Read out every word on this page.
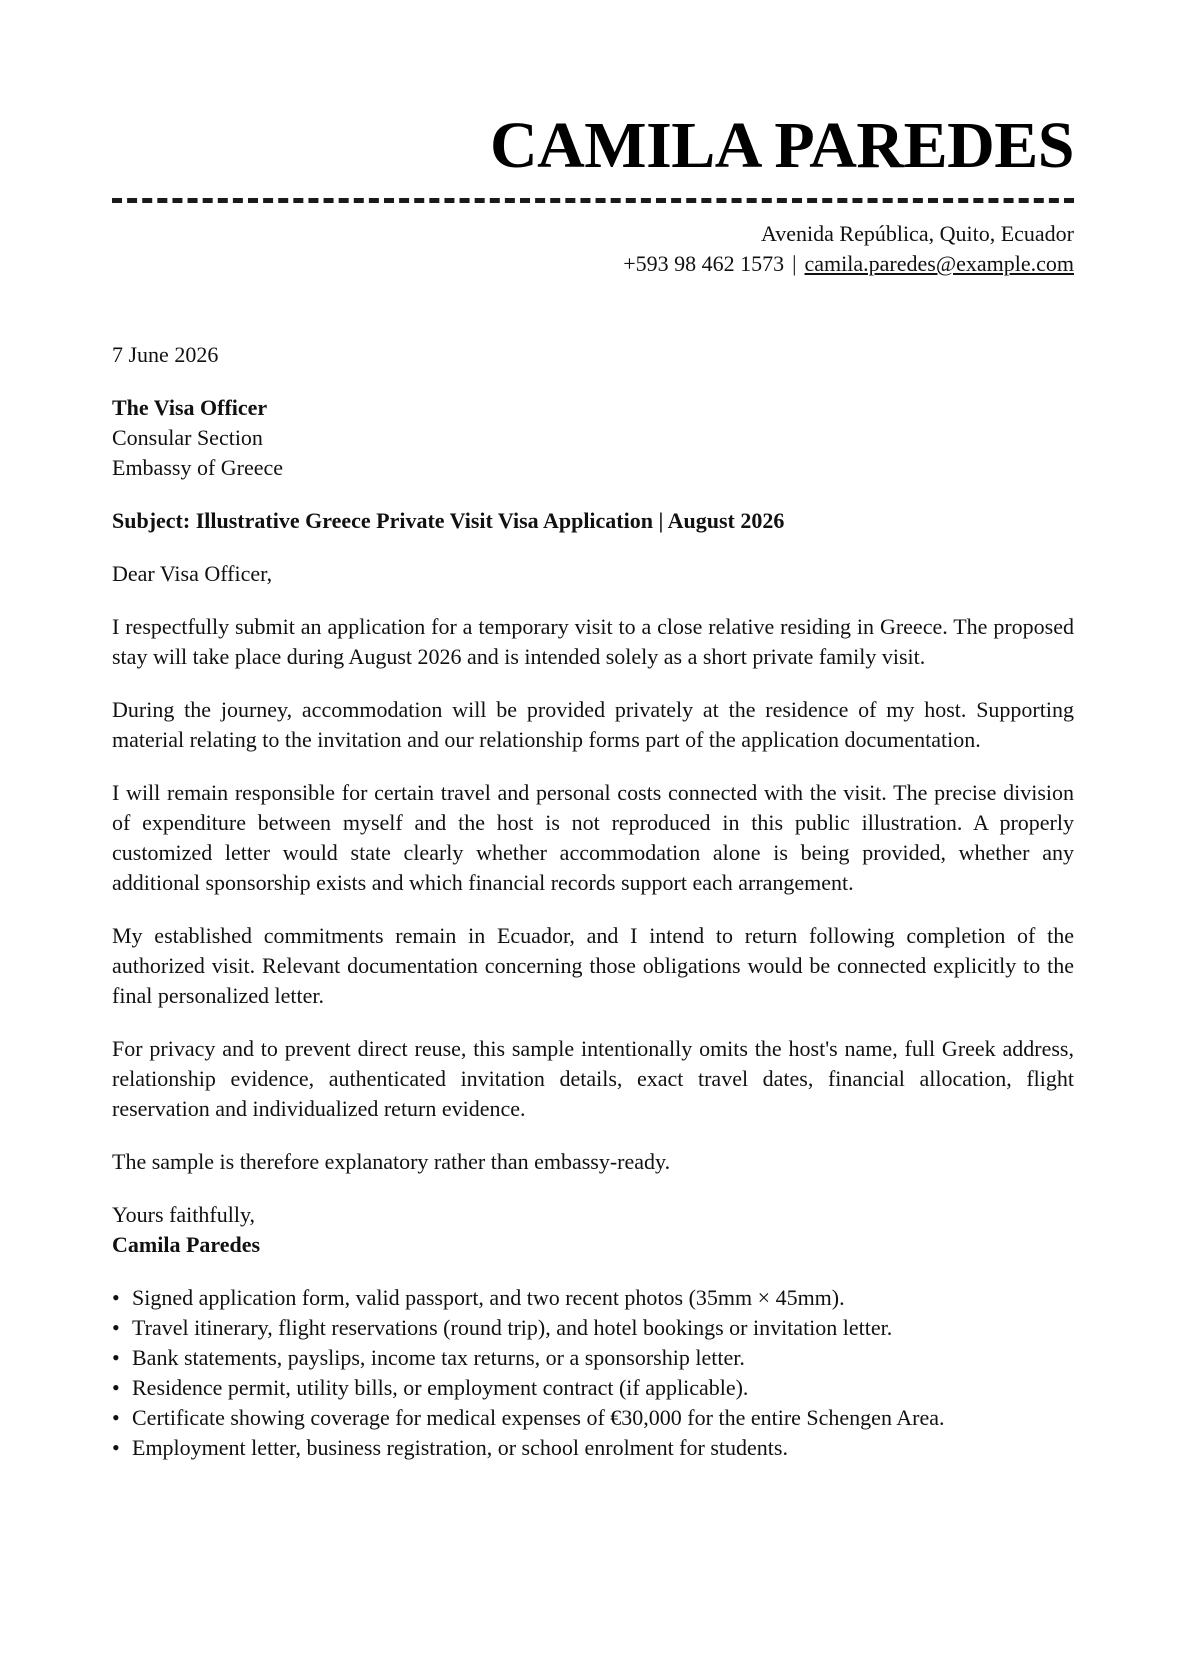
CAMILA PAREDES
Avenida República, Quito, Ecuador
+593 98 462 1573 | camila.paredes@example.com
7 June 2026
The Visa Officer
Consular Section
Embassy of Greece
Subject: Illustrative Greece Private Visit Visa Application | August 2026
Dear Visa Officer,
I respectfully submit an application for a temporary visit to a close relative residing in Greece. The proposed stay will take place during August 2026 and is intended solely as a short private family visit.
During the journey, accommodation will be provided privately at the residence of my host. Supporting material relating to the invitation and our relationship forms part of the application documentation.
I will remain responsible for certain travel and personal costs connected with the visit. The precise division of expenditure between myself and the host is not reproduced in this public illustration. A properly customized letter would state clearly whether accommodation alone is being provided, whether any additional sponsorship exists and which financial records support each arrangement.
My established commitments remain in Ecuador, and I intend to return following completion of the authorized visit. Relevant documentation concerning those obligations would be connected explicitly to the final personalized letter.
For privacy and to prevent direct reuse, this sample intentionally omits the host's name, full Greek address, relationship evidence, authenticated invitation details, exact travel dates, financial allocation, flight reservation and individualized return evidence.
The sample is therefore explanatory rather than embassy-ready.
Yours faithfully,
Camila Paredes
• Signed application form, valid passport, and two recent photos (35mm × 45mm).
• Travel itinerary, flight reservations (round trip), and hotel bookings or invitation letter.
• Bank statements, payslips, income tax returns, or a sponsorship letter.
• Residence permit, utility bills, or employment contract (if applicable).
• Certificate showing coverage for medical expenses of €30,000 for the entire Schengen Area.
• Employment letter, business registration, or school enrolment for students.
